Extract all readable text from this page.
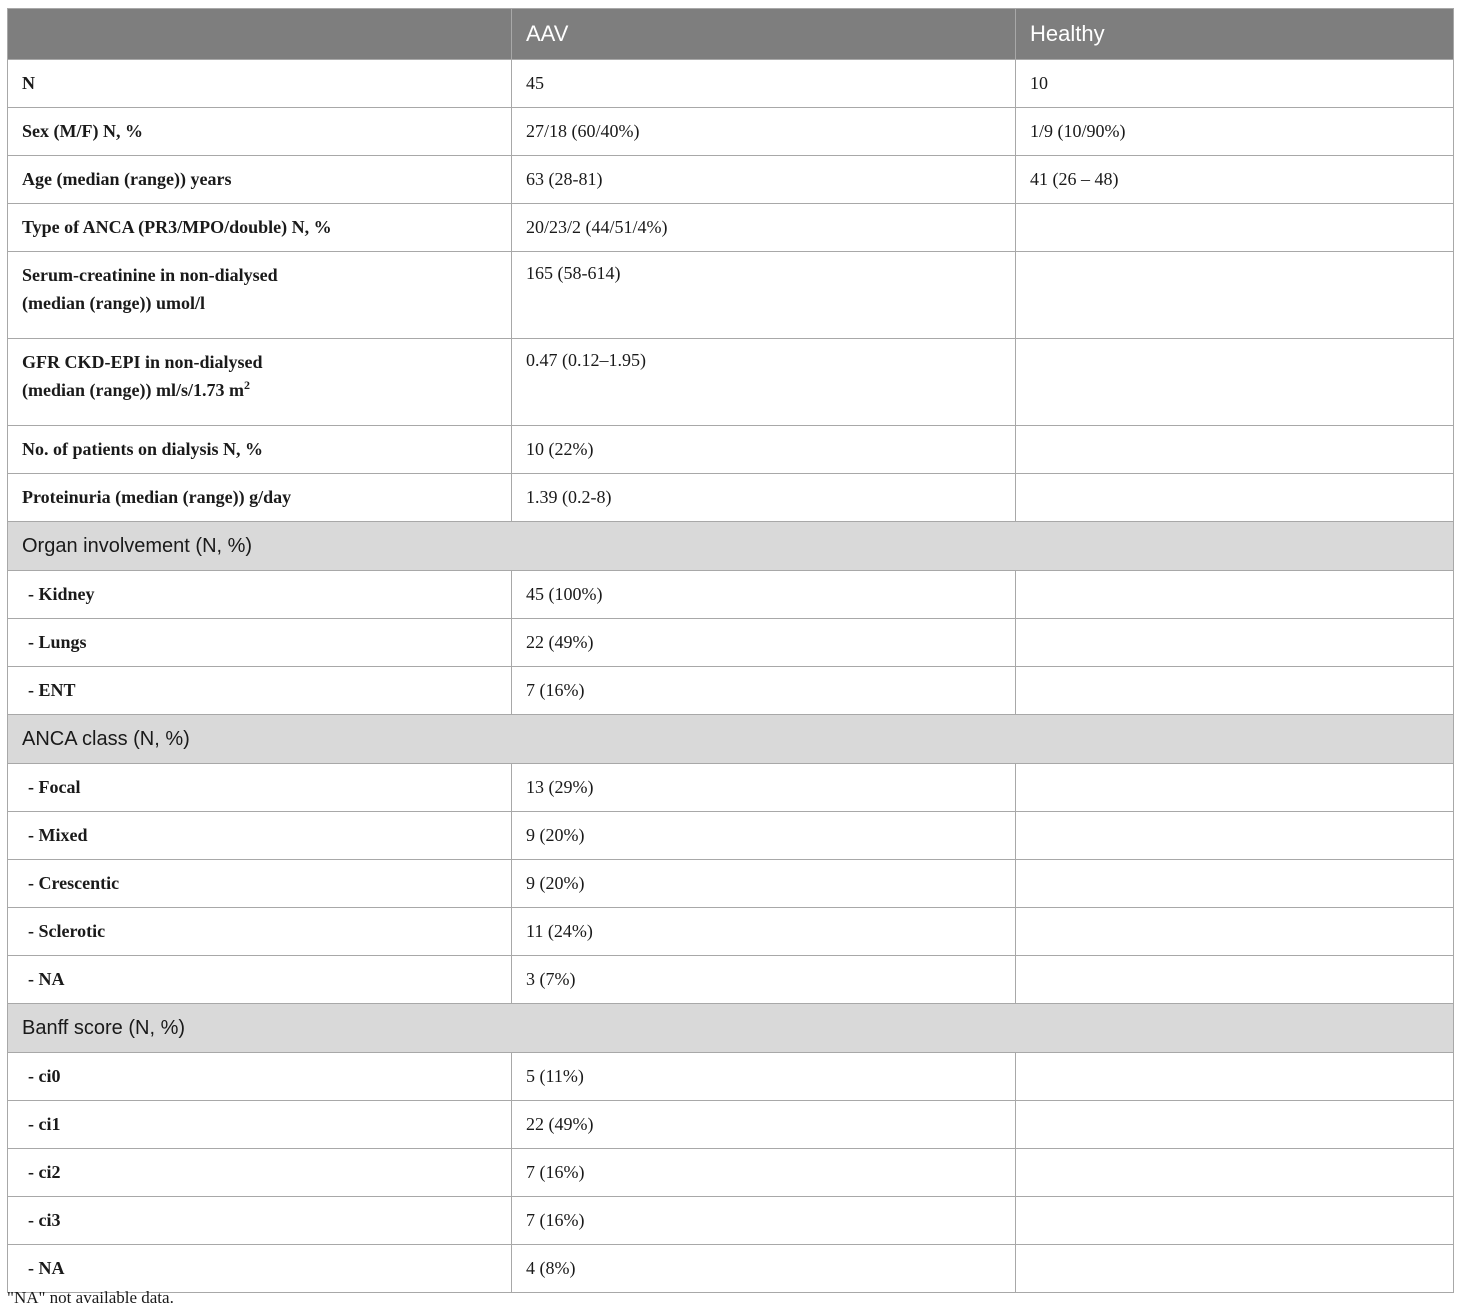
	AAV	Healthy
N	45	10
Sex (M/F) N, %	27/18 (60/40%)	1/9 (10/90%)
Age (median (range)) years	63 (28-81)	41 (26 – 48)
Type of ANCA (PR3/MPO/double) N, %	20/23/2 (44/51/4%)	
Serum-creatinine in non-dialysed
(median (range)) umol/l	165 (58-614)	
GFR CKD-EPI in non-dialysed
(median (range)) ml/s/1.73 $m^2$	0.47 (0.12–1.95)	
No. of patients on dialysis N, %	10 (22%)	
Proteinuria (median (range)) g/day	1.39 (0.2-8)	
Organ involvement (N, %)		
- Kidney	45 (100%)	
- Lungs	22 (49%)	
- ENT	7 (16%)	
ANCA class (N, %)		
- Focal	13 (29%)	
- Mixed	9 (20%)	
- Crescentic	9 (20%)	
- Sclerotic	11 (24%)	
- NA	3 (7%)	
Banff score (N, %)		
- ci0	5 (11%)	
- ci1	22 (49%)	
- ci2	7 (16%)	
- ci3	7 (16%)	
- NA	4 (8%)	
"NA" not available data.
